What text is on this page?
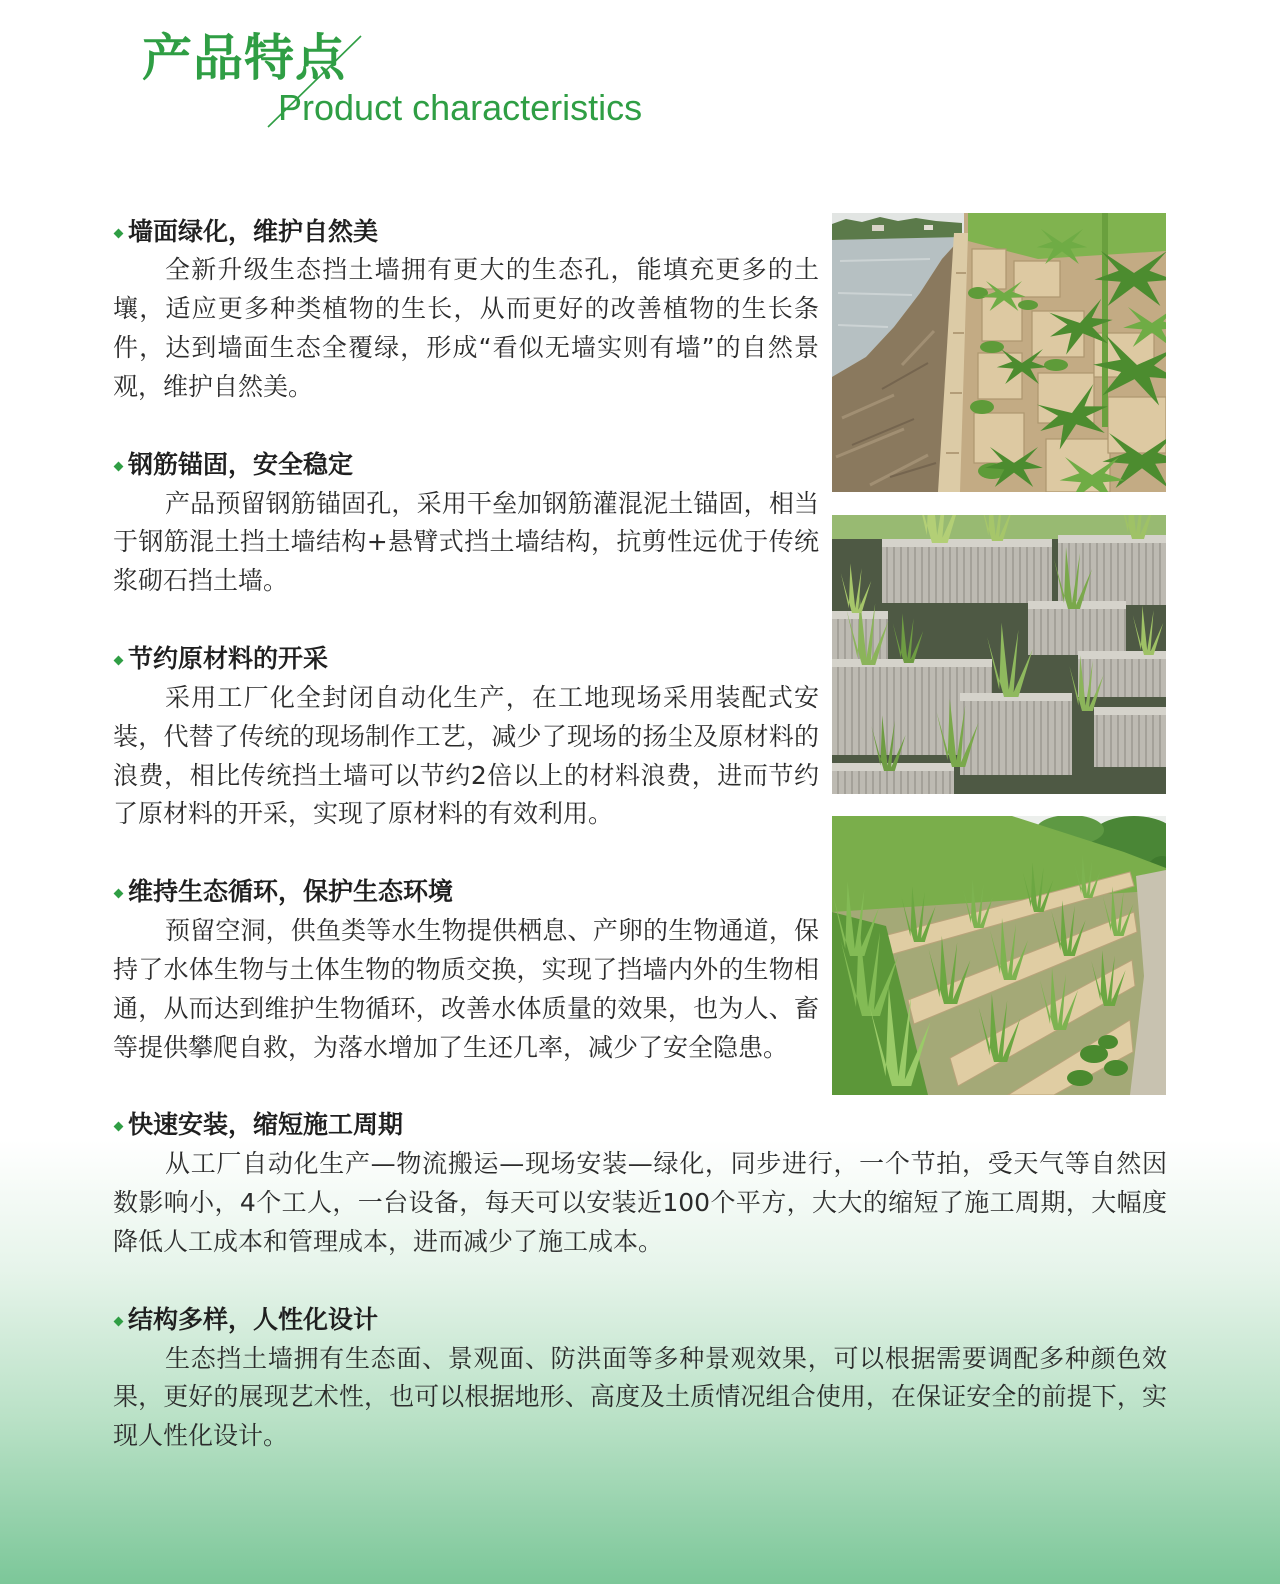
产品特点
Product characteristics
墙面绿化，维护自然美
全新升级生态挡土墙拥有更大的生态孔，能填充更多的土
壤，适应更多种类植物的生长，从而更好的改善植物的生长条
件，达到墙面生态全覆绿，形成“看似无墙实则有墙”的自然景
观，维护自然美。
钢筋锚固，安全稳定
产品预留钢筋锚固孔，采用干垒加钢筋灌混泥土锚固，相当
于钢筋混土挡土墙结构+悬臂式挡土墙结构，抗剪性远优于传统
浆砌石挡土墙。
节约原材料的开采
采用工厂化全封闭自动化生产，在工地现场采用装配式安
装，代替了传统的现场制作工艺，减少了现场的扬尘及原材料的
浪费，相比传统挡土墙可以节约2倍以上的材料浪费，进而节约
了原材料的开采，实现了原材料的有效利用。
维持生态循环，保护生态环境
预留空洞，供鱼类等水生物提供栖息、产卵的生物通道，保
持了水体生物与土体生物的物质交换，实现了挡墙内外的生物相
通，从而达到维护生物循环，改善水体质量的效果，也为人、畜
等提供攀爬自救，为落水增加了生还几率，减少了安全隐患。
快速安装，缩短施工周期
从工厂自动化生产—物流搬运—现场安装—绿化，同步进行，一个节拍，受天气等自然因
数影响小，4个工人，一台设备，每天可以安装近100个平方，大大的缩短了施工周期，大幅度
降低人工成本和管理成本，进而减少了施工成本。
结构多样，人性化设计
生态挡土墙拥有生态面、景观面、防洪面等多种景观效果，可以根据需要调配多种颜色效
果，更好的展现艺术性，也可以根据地形、高度及土质情况组合使用，在保证安全的前提下，实
现人性化设计。
